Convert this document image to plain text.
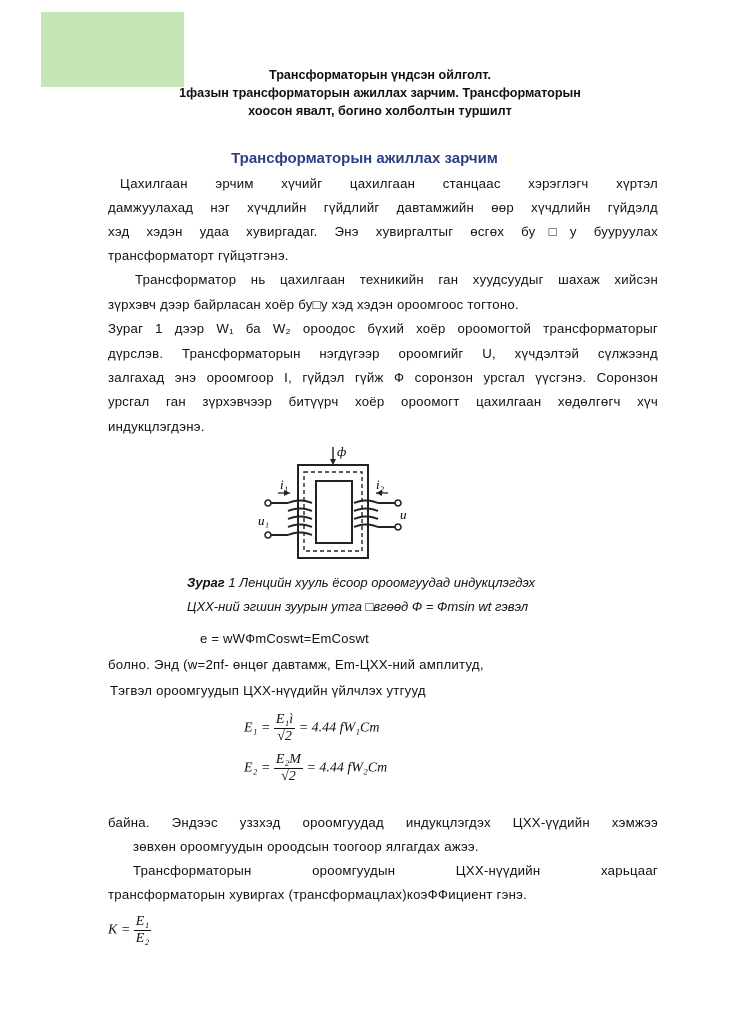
Трансформаторын үндсэн ойлголт.
1фазын трансформаторын ажиллах зарчим. Трансформаторын
хоосон явалт, богино холболтын туршилт
Трансформаторын ажиллах зарчим
Цахилгаан эрчим хүчийг цахилгаан станцаас хэрэглэгч хүртэл
дамжуулахад нэг хүчдлийн гүйдлийг давтамжийн өөр хүчдлийн гүйдэлд
хэд хэдэн удаа хувиргадаг. Энэ хувиргалтыг өсгөх бу□у бууруулах
трансформаторт гүйцэтгэнэ.
Трансформатор нь цахилгаан техникийн ган хуудсуудыг шахаж хийсэн
зүрхэвч дээр байрласан хоёр бу□у хэд хэдэн ороомгоос тогтоно.
Зураг 1 дээр W₁ ба W₂ ороодос бүхий хоёр ороомогтой трансформаторыг
дүрслэв. Трансформаторын нэгдүгээр ороомгийг U, хүчдэлтэй сүлжээнд
залгахад энэ ороомгоор I, гүйдэл гүйж Ф соронзон урсгал үүсгэнэ. Соронзон
урсгал ган зүрхэвчээр битүүрч хоёр ороомогт цахилгаан хөдөлгөгч хүч
индукцлэгдэнэ.
ф
i₁	i₂
u₁	u
Зураг 1 Ленцийн хууль ёсоор ороомгуудад индукцлэгдэх
ЦХХ-ний эгшин зуурын утга □вгөөд Ф = Фmsin wt гэвэл
e = wWФmCoswt=EmCoswt
болно. Энд (w=2пf- өнцөг давтамж, Em-ЦХХ-ний амплитуд,
Тэгвэл ороомгуудып ЦХХ-нүүдийн үйлчлэх утгууд
$E_1 = \frac{\text{E₁ì}}{√2} = 4.44$ fW₁Cm
$E_2 = \frac{\text{E₂M}}{√2} = 4.44$ fW₂Cm
байна. Эндээс уззхэд ороомгуудад индукцлэгдэх ЦХХ-үүдийн хэмжээ
зөвхөн ороомгуудын ороодсын тоогоор ялгагдах ажээ.
Трансформаторын ороомгуудын ЦХХ-нүүдийн харьцааг
трансформаторын хувиргах (трансформацлах)коэФФициент гэнэ.
$K = \frac{\text{E₁}}{\text{E₂}}$
